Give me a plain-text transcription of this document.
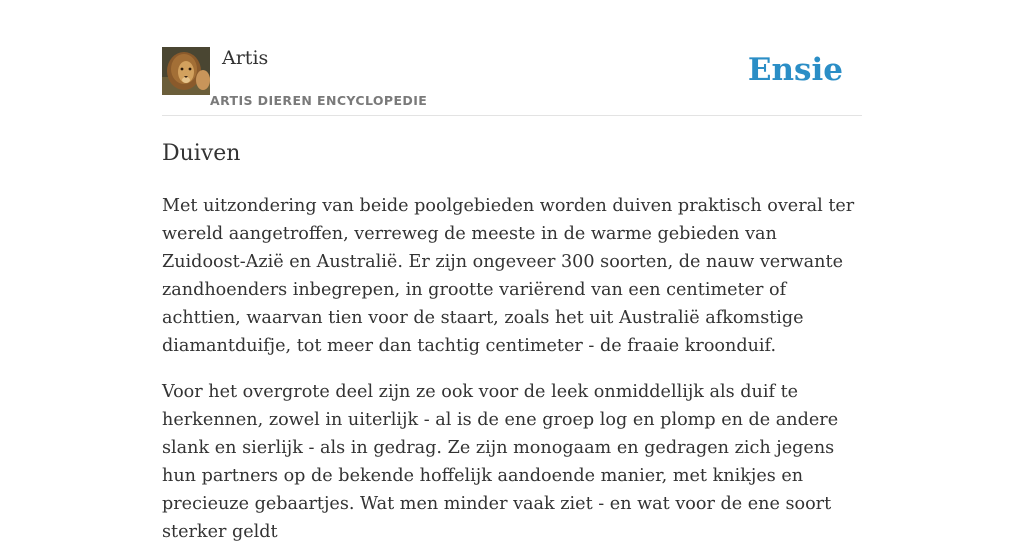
Artis
ARTIS DIEREN ENCYCLOPEDIE
Ensie
Duiven

Met uitzondering van beide poolgebieden worden duiven praktisch overal ter wereld aangetroffen, verreweg de meeste in de warme gebieden van Zuidoost-Azië en Australië. Er zijn ongeveer 300 soorten, de nauw verwante zandhoenders inbegrepen, in grootte variërend van een centimeter of achttien, waarvan tien voor de staart, zoals het uit Australië afkomstige diamantduifje, tot meer dan tachtig centimeter - de fraaie kroonduif.

Voor het overgrote deel zijn ze ook voor de leek onmiddellijk als duif te herkennen, zowel in uiterlijk - al is de ene groep log en plomp en de andere slank en sierlijk - als in gedrag. Ze zijn monogaam en gedragen zich jegens hun partners op de bekende hoffelijk aandoende manier, met knikjes en precieuze gebaartjes. Wat men minder vaak ziet - en wat voor de ene soort sterker geldt
